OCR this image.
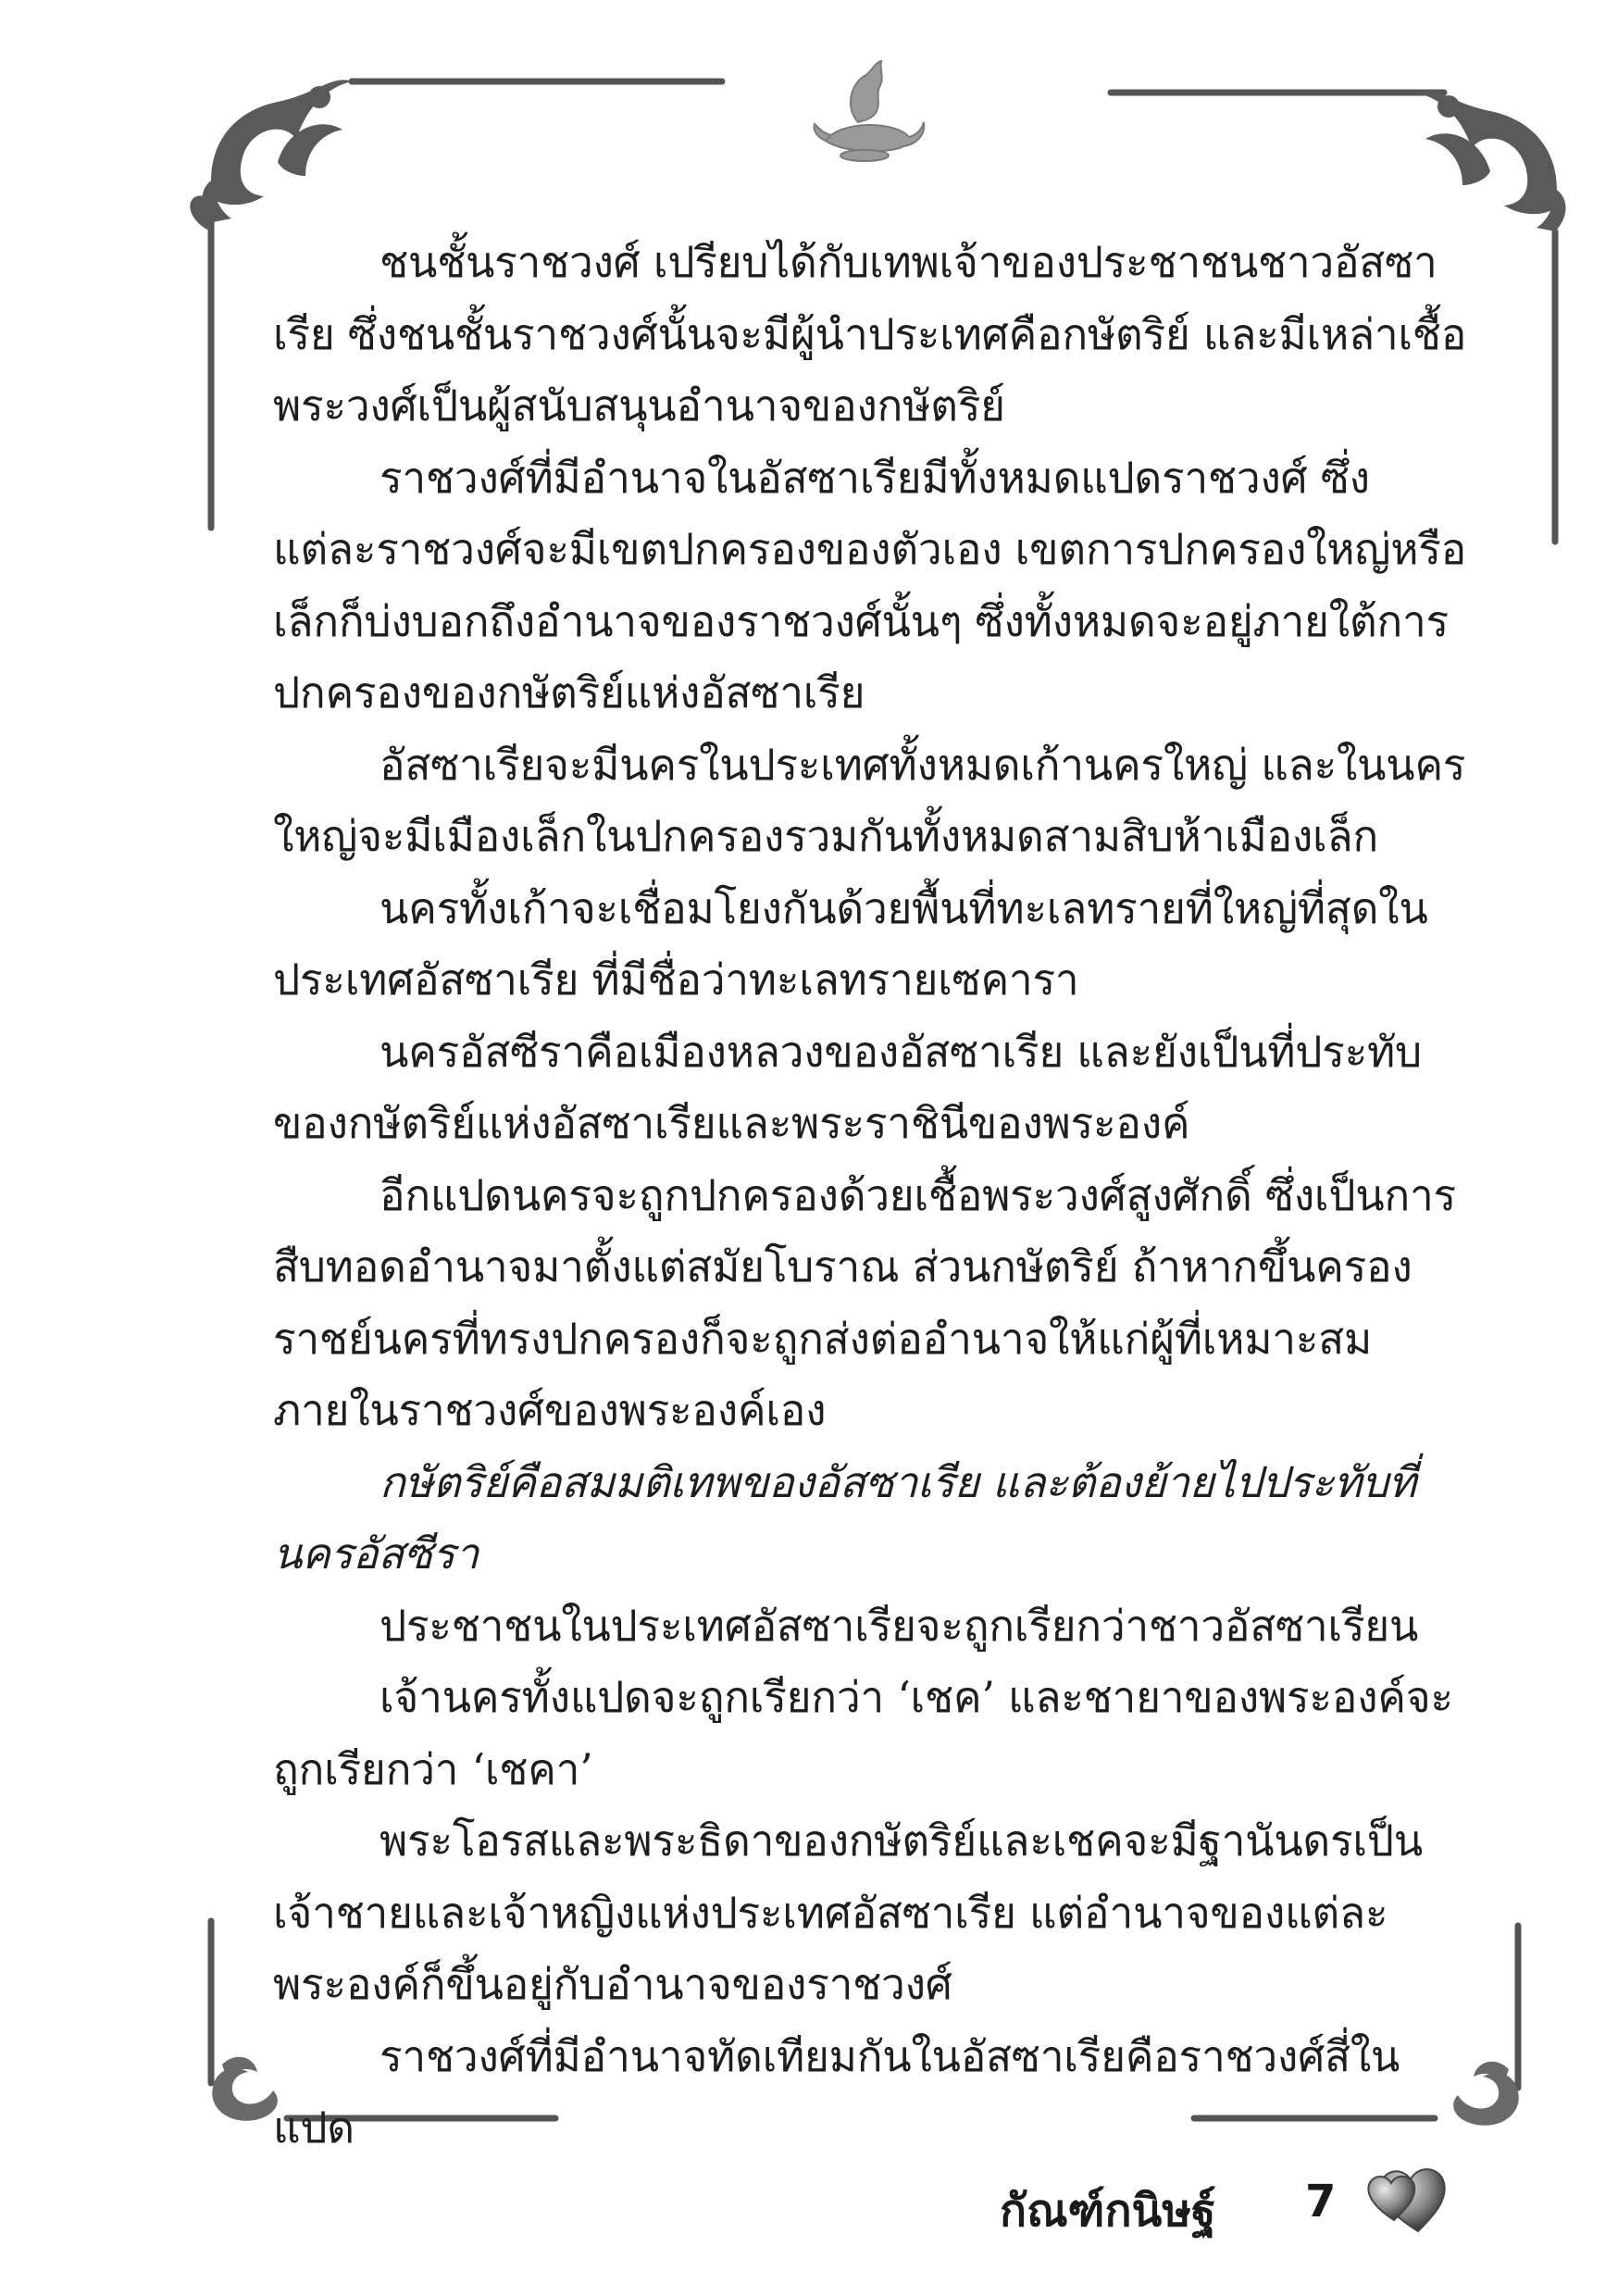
ชนชั้นราชวงศ์ เปรียบได้กับเทพเจ้าของประชาชนชาวอัสซาเรีย ซึ่งชนชั้นราชวงศ์นั้นจะมีผู้นำประเทศคือกษัตริย์ และมีเหล่าเชื้อพระวงศ์เป็นผู้สนับสนุนอำนาจของกษัตริย์

ราชวงศ์ที่มีอำนาจในอัสซาเรียมีทั้งหมดแปดราชวงศ์ ซึ่งแต่ละราชวงศ์จะมีเขตปกครองของตัวเอง เขตการปกครองใหญ่หรือเล็กก็บ่งบอกถึงอำนาจของราชวงศ์นั้นๆ ซึ่งทั้งหมดจะอยู่ภายใต้การปกครองของกษัตริย์แห่งอัสซาเรีย

อัสซาเรียจะมีนครในประเทศทั้งหมดเก้านครใหญ่ และในนครใหญ่จะมีเมืองเล็กในปกครองรวมกันทั้งหมดสามสิบห้าเมืองเล็ก

นครทั้งเก้าจะเชื่อมโยงกันด้วยพื้นที่ทะเลทรายที่ใหญ่ที่สุดในประเทศอัสซาเรีย ที่มีชื่อว่าทะเลทรายเซคารา

นครอัสซีราคือเมืองหลวงของอัสซาเรีย และยังเป็นที่ประทับของกษัตริย์แห่งอัสซาเรียและพระราชินีของพระองค์

อีกแปดนครจะถูกปกครองด้วยเชื้อพระวงศ์สูงศักดิ์ ซึ่งเป็นการสืบทอดอำนาจมาตั้งแต่สมัยโบราณ ส่วนกษัตริย์ ถ้าหากขึ้นครองราชย์นครที่ทรงปกครองก็จะถูกส่งต่ออำนาจให้แก่ผู้ที่เหมาะสมภายในราชวงศ์ของพระองค์เอง

กษัตริย์คือสมมติเทพของอัสซาเรีย และต้องย้ายไปประทับที่นครอัสซีรา

ประชาชนในประเทศอัสซาเรียจะถูกเรียกว่าชาวอัสซาเรียน

เจ้านครทั้งแปดจะถูกเรียกว่า ‘เชค’ และชายาของพระองค์จะถูกเรียกว่า ‘เชคา’

พระโอรสและพระธิดาของกษัตริย์และเชคจะมีฐานันดรเป็นเจ้าชายและเจ้าหญิงแห่งประเทศอัสซาเรีย แต่อำนาจของแต่ละพระองค์ก็ขึ้นอยู่กับอำนาจของราชวงศ์

ราชวงศ์ที่มีอำนาจทัดเทียมกันในอัสซาเรียคือราชวงศ์สี่ในแปด

กัณฑ์กนิษฐ์ 7
